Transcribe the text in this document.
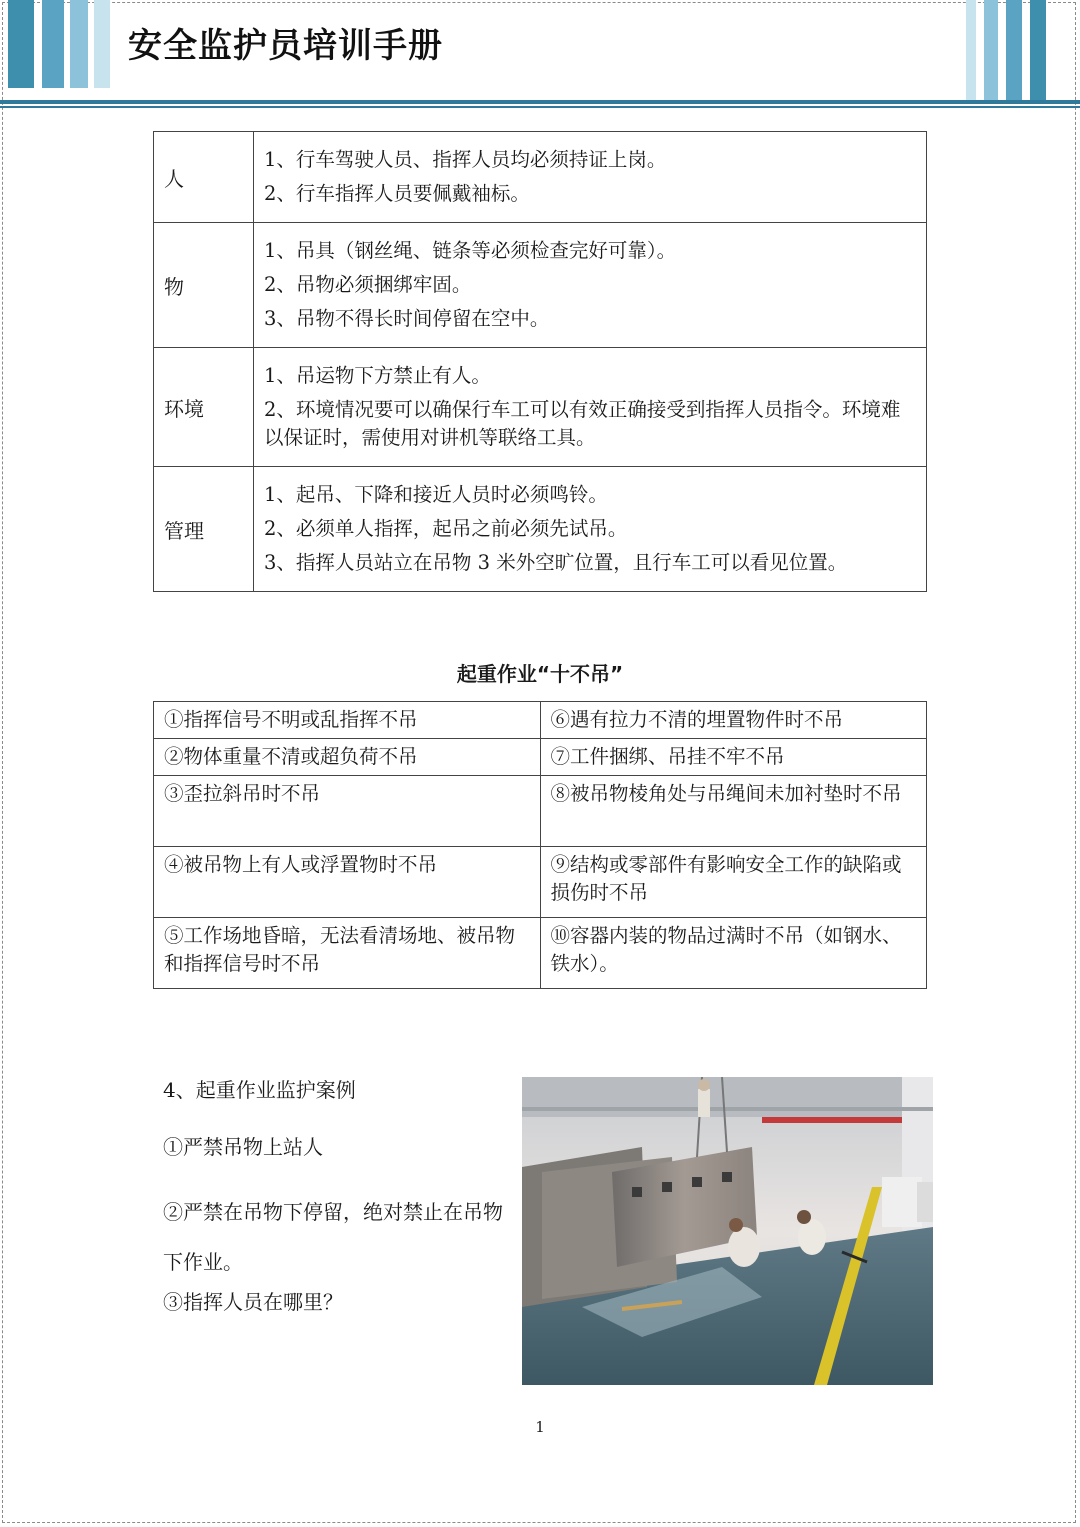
安全监护员培训手册
人	1、行车驾驶人员、指挥人员均必须持证上岗。
2、行车指挥人员要佩戴袖标。

物	1、吊具（钢丝绳、链条等必须检查完好可靠）。
2、吊物必须捆绑牢固。
3、吊物不得长时间停留在空中。

环境	1、吊运物下方禁止有人。
2、环境情况要可以确保行车工可以有效正确接受到指挥人员指令。环境难以保证时，需使用对讲机等联络工具。

管理	1、起吊、下降和接近人员时必须鸣铃。
2、必须单人指挥，起吊之前必须先试吊。
3、指挥人员站立在吊物 3 米外空旷位置，且行车工可以看见位置。
起重作业“十不吊”
①指挥信号不明或乱指挥不吊	⑥遇有拉力不清的埋置物件时不吊
②物体重量不清或超负荷不吊	⑦工件捆绑、吊挂不牢不吊
③歪拉斜吊时不吊	⑧被吊物棱角处与吊绳间未加衬垫时不吊
④被吊物上有人或浮置物时不吊	⑨结构或零部件有影响安全工作的缺陷或损伤时不吊
⑤工作场地昏暗，无法看清场地、被吊物和指挥信号时不吊	⑩容器内装的物品过满时不吊（如钢水、铁水）。
4、起重作业监护案例
①严禁吊物上站人
②严禁在吊物下停留，绝对禁止在吊物下作业。
③指挥人员在哪里？
1
